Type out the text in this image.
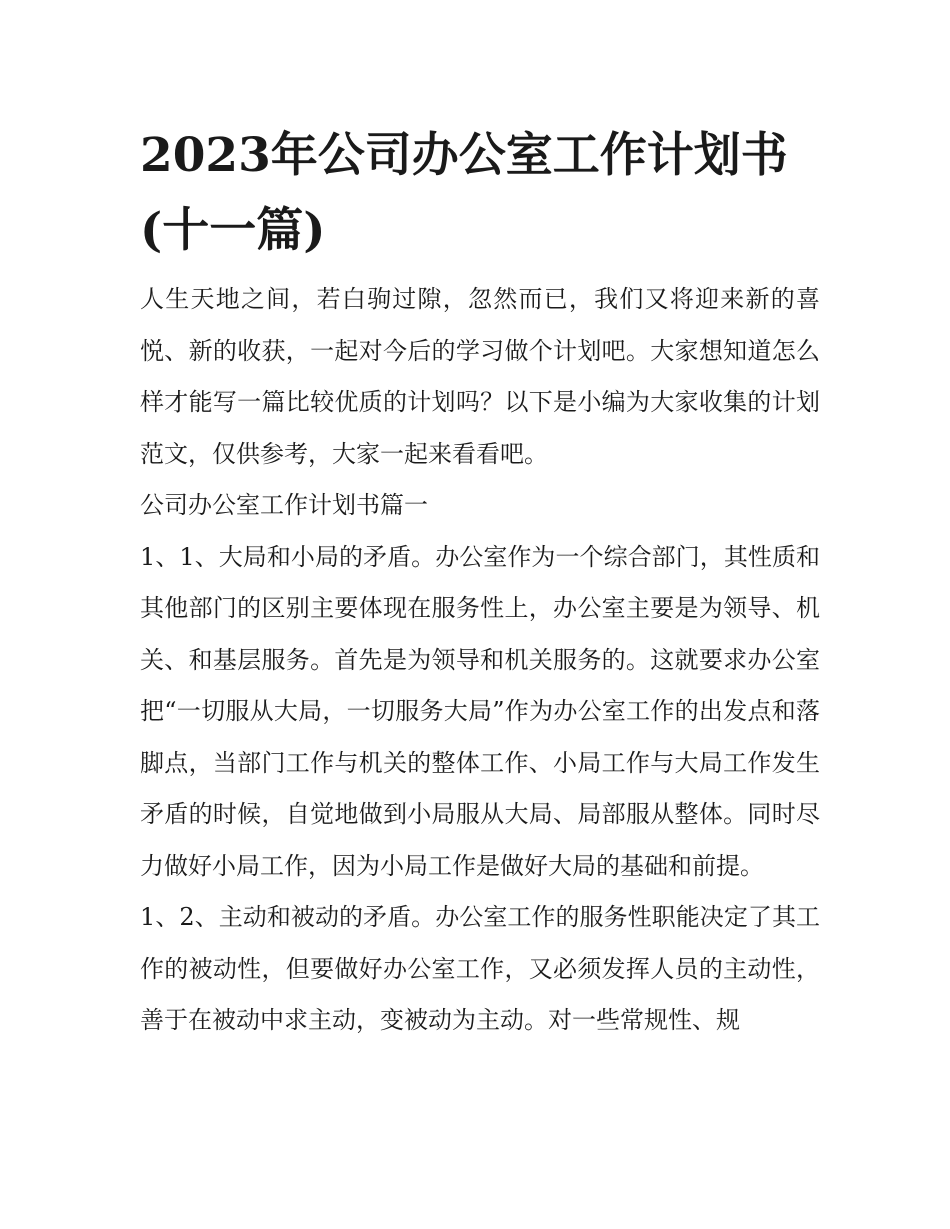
2023年公司办公室工作计划书(十一篇)

人生天地之间，若白驹过隙，忽然而已，我们又将迎来新的喜悦、新的收获，一起对今后的学习做个计划吧。大家想知道怎么样才能写一篇比较优质的计划吗？以下是小编为大家收集的计划范文，仅供参考，大家一起来看看吧。

公司办公室工作计划书篇一

1、1、大局和小局的矛盾。办公室作为一个综合部门，其性质和其他部门的区别主要体现在服务性上，办公室主要是为领导、机关、和基层服务。首先是为领导和机关服务的。这就要求办公室把“一切服从大局，一切服务大局”作为办公室工作的出发点和落脚点，当部门工作与机关的整体工作、小局工作与大局工作发生矛盾的时候，自觉地做到小局服从大局、局部服从整体。同时尽力做好小局工作，因为小局工作是做好大局的基础和前提。

1、2、主动和被动的矛盾。办公室工作的服务性职能决定了其工作的被动性，但要做好办公室工作，又必须发挥人员的主动性，善于在被动中求主动，变被动为主动。对一些常规性、规
